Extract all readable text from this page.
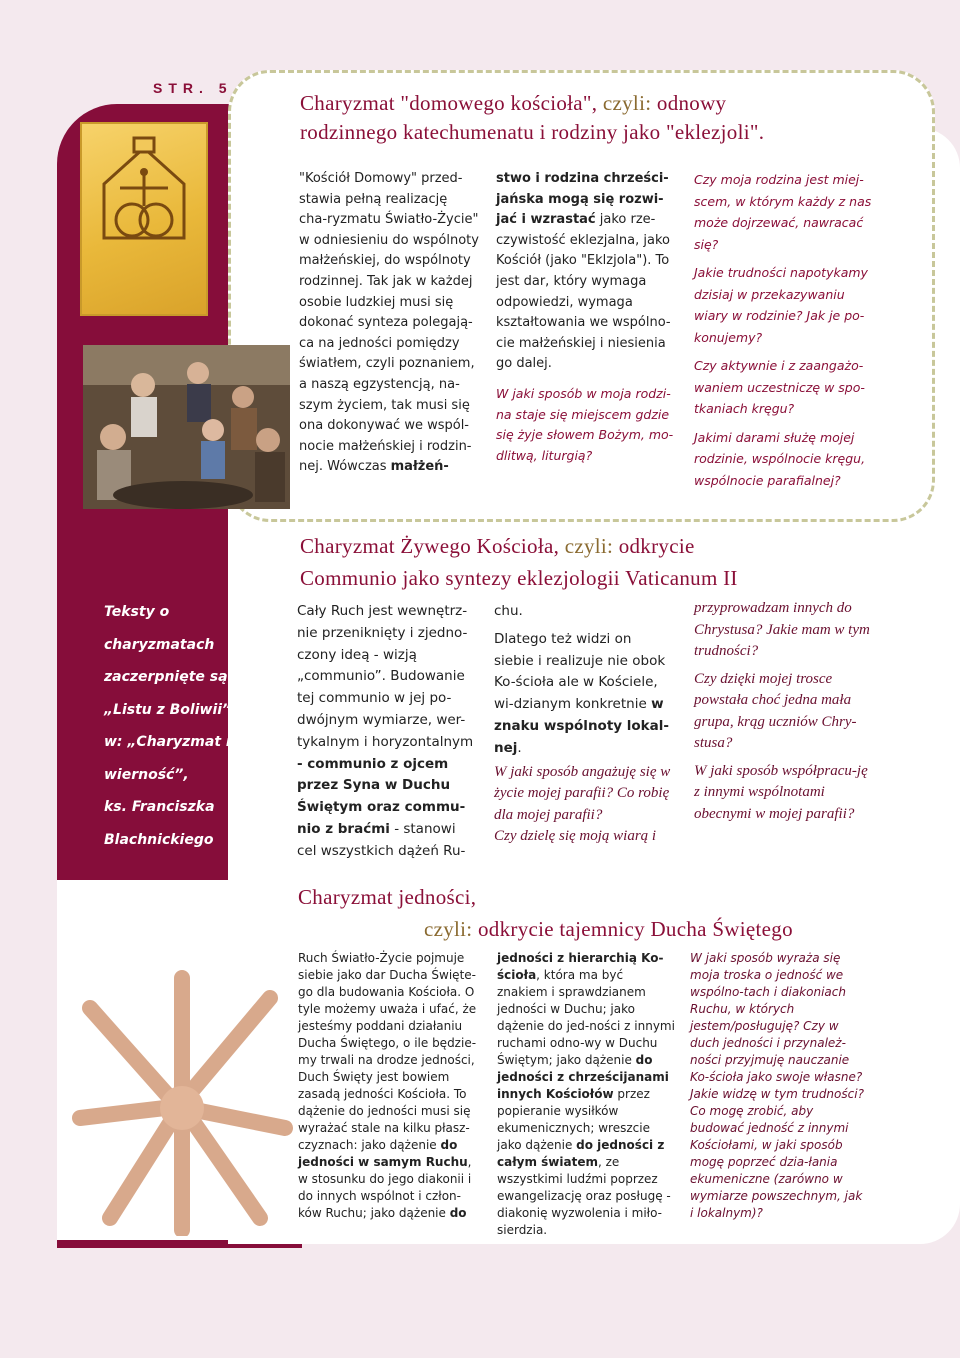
STR. 5
Charyzmat "domowego kościoła", czyli: odnowy
rodzinnego katechumenatu i rodziny jako "eklezjoli".

"Kościół Domowy" przed-stawia pełną realizację cha-ryzmatu Światło-Życie" w odniesieniu do wspólnoty małżeńskiej, do wspólnoty rodzinnej. Tak jak w każdej osobie ludzkiej musi się dokonać synteza polegają-ca na jedności pomiędzy światłem, czyli poznaniem, a naszą egzystencją, na-szym życiem, tak musi się ona dokonywać we wspól-nocie małżeńskiej i rodzin-nej. Wówczas małżeń-

stwo i rodzina chrześci-jańska mogą się rozwi-jać i wzrastać jako rze-czywistość eklezjalna, jako Kościół (jako "Eklzjola"). To jest dar, który wymaga odpowiedzi, wymaga kształtowania we wspólno-cie małżeńskiej i niesienia go dalej.

W jaki sposób w moja rodzi-na staje się miejscem gdzie się żyje słowem Bożym, mo-dlitwą, liturgią?

Czy moja rodzina jest miej-scem, w którym każdy z nas może dojrzewać, nawracać się?

Jakie trudności napotykamy dzisiaj w przekazywaniu wiary w rodzinie? Jak je po-konujemy?

Czy aktywnie i z zaangażo-waniem uczestniczę w spo-tkaniach kręgu?

Jakimi darami służę mojej rodzinie, wspólnocie kręgu, wspólnocie parafialnej?

Charyzmat Żywego Kościoła, czyli: odkrycie
Communio jako syntezy eklezjologii Vaticanum II

Teksty o

charyzmatach

zaczerpnięte są z

„Listu z Boliwii”

w: „Charyzmat i

wierność”,

ks. Franciszka

Blachnickiego

Cały Ruch jest wewnętrz-nie przeniknięty i zjedno-czony ideą - wizją „communio”. Budowanie tej communio w jej po-dwójnym wymiarze, wer-tykalnym i horyzontalnym - communio z ojcem przez Syna w Duchu Świętym oraz commu-nio z braćmi - stanowi cel wszystkich dążeń Ru-

chu.

Dlatego też widzi on siebie i realizuje nie obok Ko-ścioła ale w Kościele, wi-dzianym konkretnie w znaku wspólnoty lokal-nej.

W jaki sposób angażuję się w życie mojej parafii? Co robię dla mojej parafii?

Czy dzielę się moją wiarą i

przyprowadzam innych do Chrystusa? Jakie mam w tym trudności?

Czy dzięki mojej trosce powstała choć jedna mała grupa, krąg uczniów Chry-stusa?

W jaki sposób współpracu-ję z innymi wspólnotami obecnymi w mojej parafii?

Charyzmat jedności,
czyli: odkrycie tajemnicy Ducha Świętego

Ruch Światło-Życie pojmuje siebie jako dar Ducha Święte-go dla budowania Kościoła. O tyle możemy uważa i ufać, że jesteśmy poddani działaniu Ducha Świętego, o ile będzie-my trwali na drodze jedności, Duch Święty jest bowiem zasadą jedności Kościoła. To dążenie do jedności musi się wyrażać stale na kilku płasz-czyznach: jako dążenie do jedności w samym Ruchu, w stosunku do jego diakonii i do innych wspólnot i człon-ków Ruchu; jako dążenie do

jedności z hierarchią Ko-ścioła, która ma być znakiem i sprawdzianem jedności w Duchu; jako dążenie do jed-ności z innymi ruchami odno-wy w Duchu Świętym; jako dążenie do jedności z chrześcijanami innych Kościołów przez popieranie wysiłków ekumenicznych; wreszcie jako dążenie do jedności z całym światem, ze wszystkimi ludźmi poprzez ewangelizację oraz posługę - diakonię wyzwolenia i miło-sierdzia.

W jaki sposób wyraża się moja troska o jedność we wspólno-tach i diakoniach Ruchu, w których jestem/posługuję? Czy w duch jedności i przynależ-ności przyjmuję nauczanie Ko-ścioła jako swoje własne? Jakie widzę w tym trudności? Co mogę zrobić, aby budować jedność z innymi Kościołami, w jaki sposób mogę poprzeć dzia-łania ekumeniczne (zarówno w wymiarze powszechnym, jak i lokalnym)?
